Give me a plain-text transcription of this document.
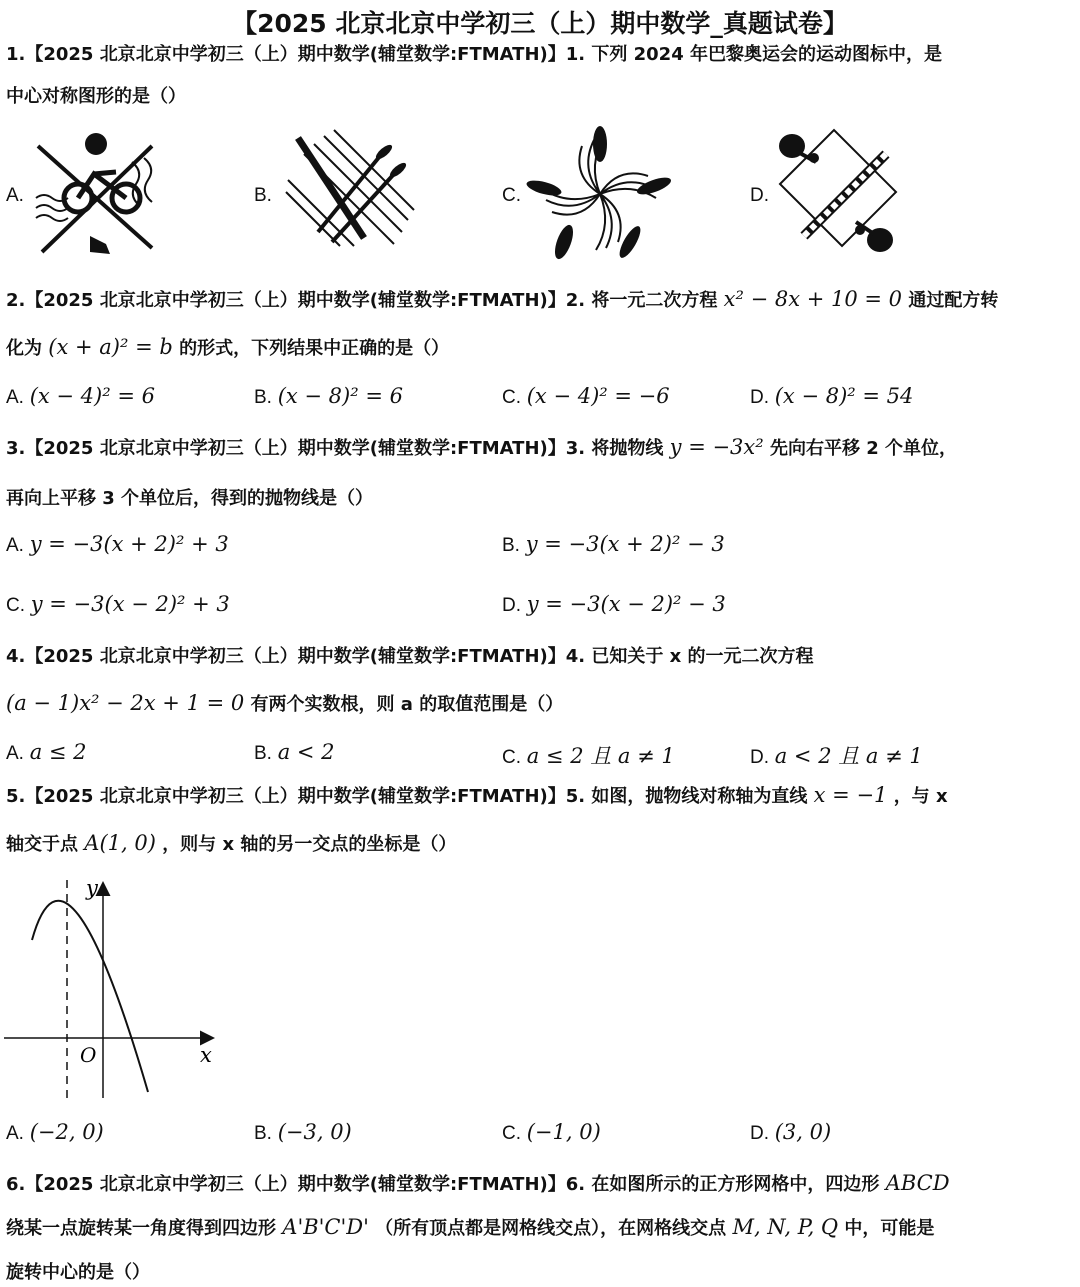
【2025 北京北京中学初三（上）期中数学_真题试卷】
1.【2025 北京北京中学初三（上）期中数学(辅堂数学:FTMATH)】1. 下列 2024 年巴黎奥运会的运动图标中，是
中心对称图形的是（）
A.	B.	C.	D.
2.【2025 北京北京中学初三（上）期中数学(辅堂数学:FTMATH)】2. 将一元二次方程 x² − 8x + 10 = 0 通过配方转
化为 (x + a)² = b 的形式，下列结果中正确的是（）
A. (x − 4)² = 6	B. (x − 8)² = 6	C. (x − 4)² = −6	D. (x − 8)² = 54
3.【2025 北京北京中学初三（上）期中数学(辅堂数学:FTMATH)】3. 将抛物线 y = −3x² 先向右平移 2 个单位，
再向上平移 3 个单位后，得到的抛物线是（）
A. y = −3(x + 2)² + 3	B. y = −3(x + 2)² − 3
C. y = −3(x − 2)² + 3	D. y = −3(x − 2)² − 3
4.【2025 北京北京中学初三（上）期中数学(辅堂数学:FTMATH)】4. 已知关于 x 的一元二次方程
(a − 1)x² − 2x + 1 = 0 有两个实数根，则 a 的取值范围是（）
A. a ≤ 2	B. a < 2	C. a ≤ 2 且 a ≠ 1	D. a < 2 且 a ≠ 1
5.【2025 北京北京中学初三（上）期中数学(辅堂数学:FTMATH)】5. 如图，抛物线对称轴为直线 x = −1 ，与 x
轴交于点 A(1, 0) ，则与 x 轴的另一交点的坐标是（）
y
x
O
A. (−2, 0)	B. (−3, 0)	C. (−1, 0)	D. (3, 0)
6.【2025 北京北京中学初三（上）期中数学(辅堂数学:FTMATH)】6. 在如图所示的正方形网格中，四边形 ABCD
绕某一点旋转某一角度得到四边形 A'B'C'D' （所有顶点都是网格线交点），在网格线交点 M, N, P, Q 中，可能是
旋转中心的是（）
